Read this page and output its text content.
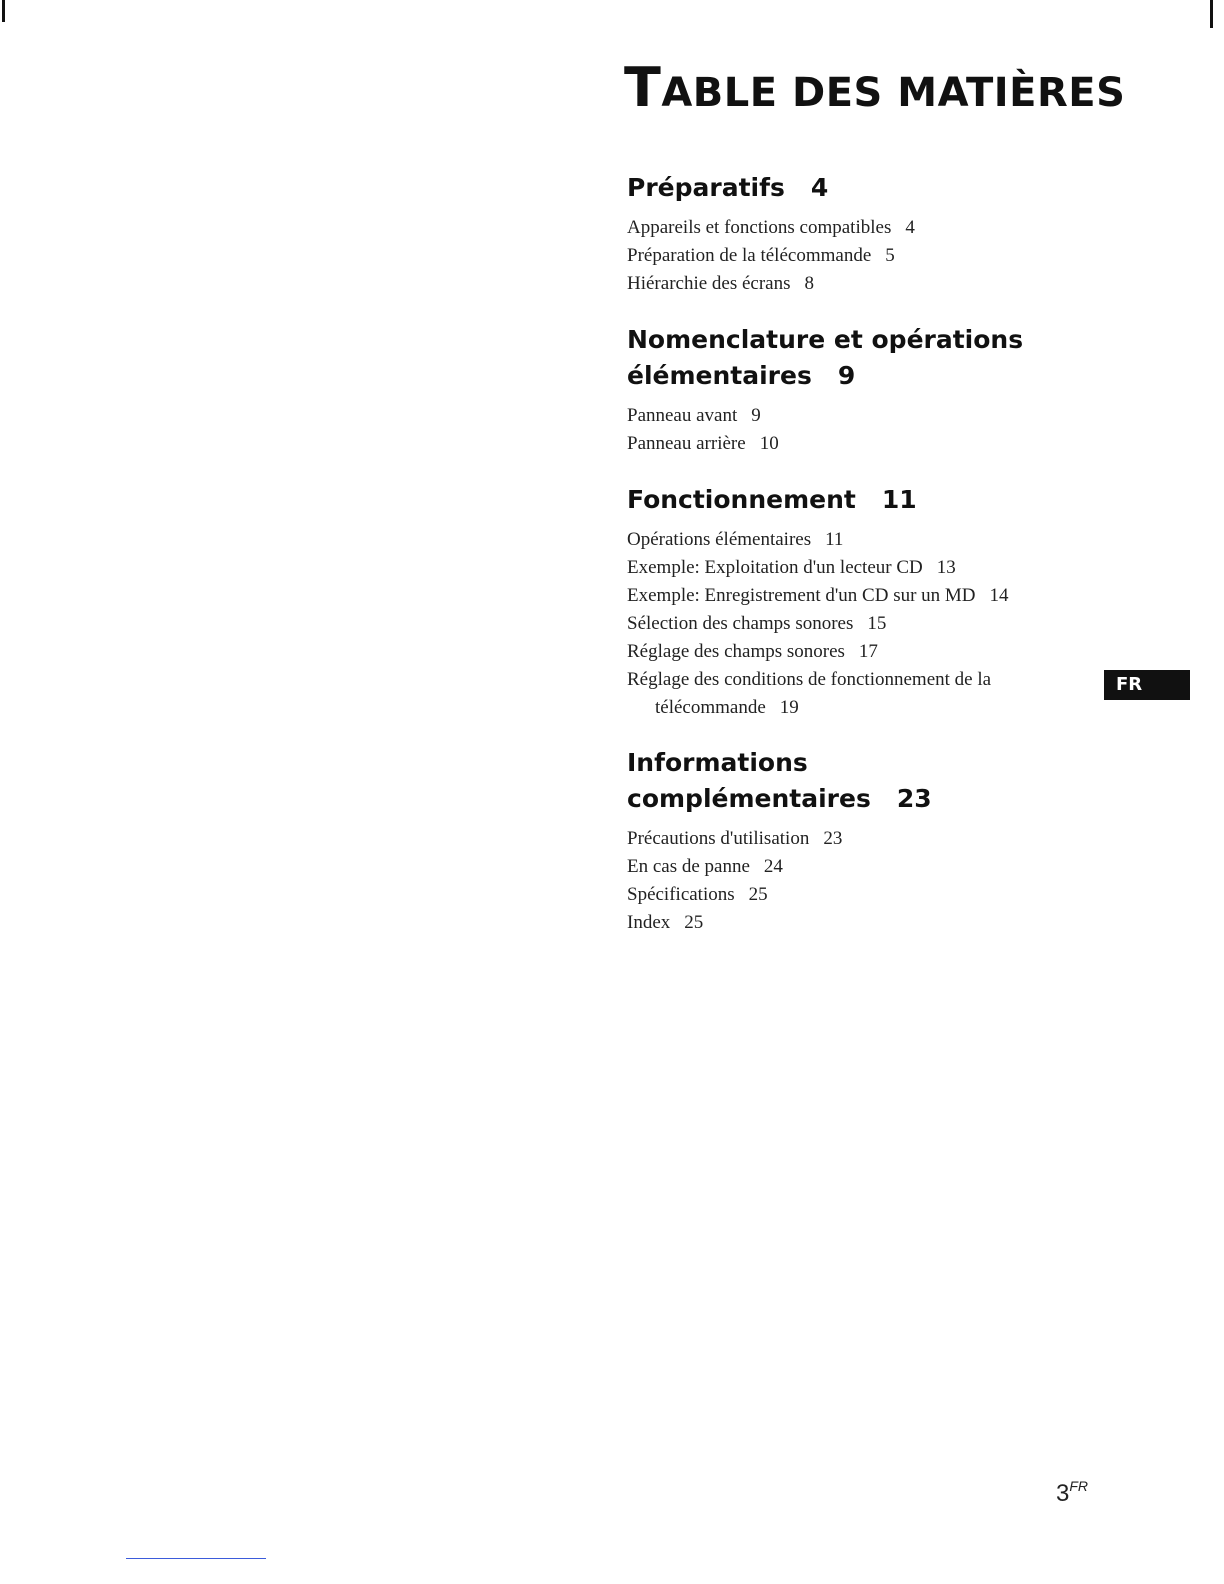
TABLE DES MATIÈRES
Préparatifs 4
Appareils et fonctions compatibles 4
Préparation de la télécommande 5
Hiérarchie des écrans 8
Nomenclature et opérations élémentaires 9
Panneau avant 9
Panneau arrière 10
Fonctionnement 11
Opérations élémentaires 11
Exemple: Exploitation d'un lecteur CD 13
Exemple: Enregistrement d'un CD sur un MD 14
Sélection des champs sonores 15
Réglage des champs sonores 17
Réglage des conditions de fonctionnement de la télécommande 19
Informations complémentaires 23
Précautions d'utilisation 23
En cas de panne 24
Spécifications 25
Index 25
FR
$3^{FR}$
